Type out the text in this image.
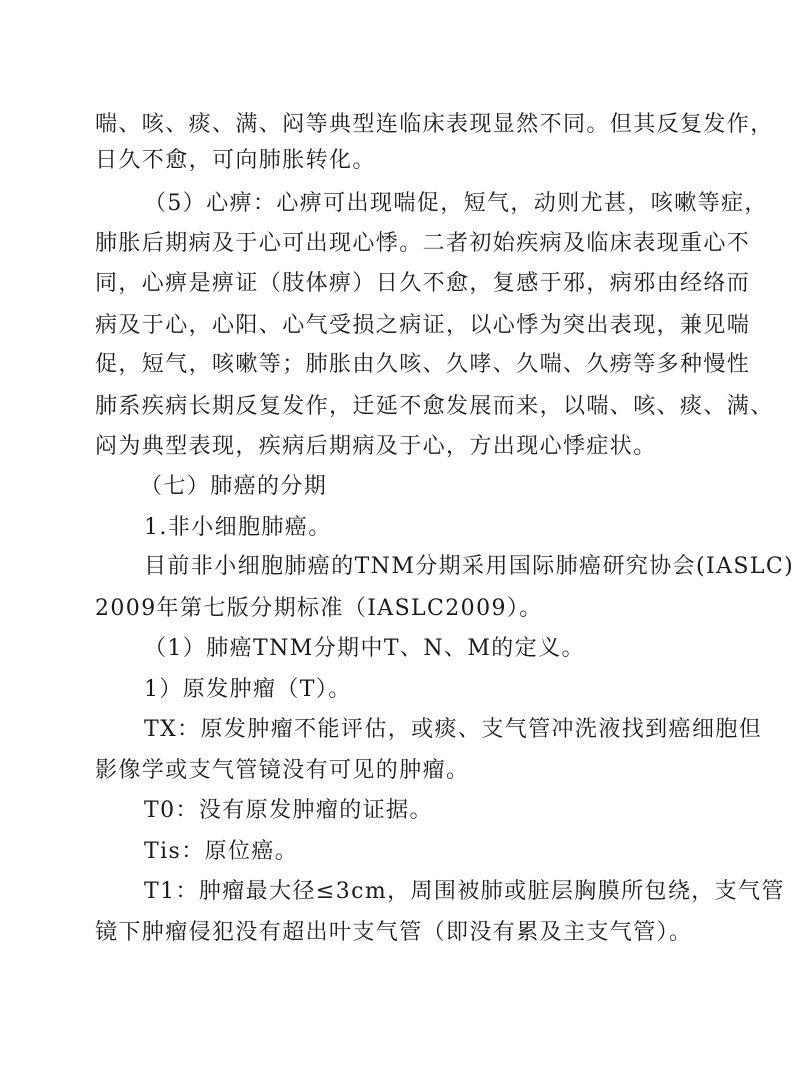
喘、咳、痰、满、闷等典型连临床表现显然不同。但其反复发作，
日久不愈，可向肺胀转化。
（5）心痹：心痹可出现喘促，短气，动则尤甚，咳嗽等症，
肺胀后期病及于心可出现心悸。二者初始疾病及临床表现重心不
同，心痹是痹证（肢体痹）日久不愈，复感于邪，病邪由经络而
病及于心，心阳、心气受损之病证，以心悸为突出表现，兼见喘
促，短气，咳嗽等；肺胀由久咳、久哮、久喘、久痨等多种慢性
肺系疾病长期反复发作，迁延不愈发展而来，以喘、咳、痰、满、
闷为典型表现，疾病后期病及于心，方出现心悸症状。
（七）肺癌的分期
1.非小细胞肺癌。
目前非小细胞肺癌的TNM分期采用国际肺癌研究协会(IASLC)
2009年第七版分期标准（IASLC2009）。
（1）肺癌TNM分期中T、N、M的定义。
1）原发肿瘤（T）。
TX：原发肿瘤不能评估，或痰、支气管冲洗液找到癌细胞但
影像学或支气管镜没有可见的肿瘤。
T0：没有原发肿瘤的证据。
Tis：原位癌。
T1：肿瘤最大径≤3cm，周围被肺或脏层胸膜所包绕，支气管
镜下肿瘤侵犯没有超出叶支气管（即没有累及主支气管）。
